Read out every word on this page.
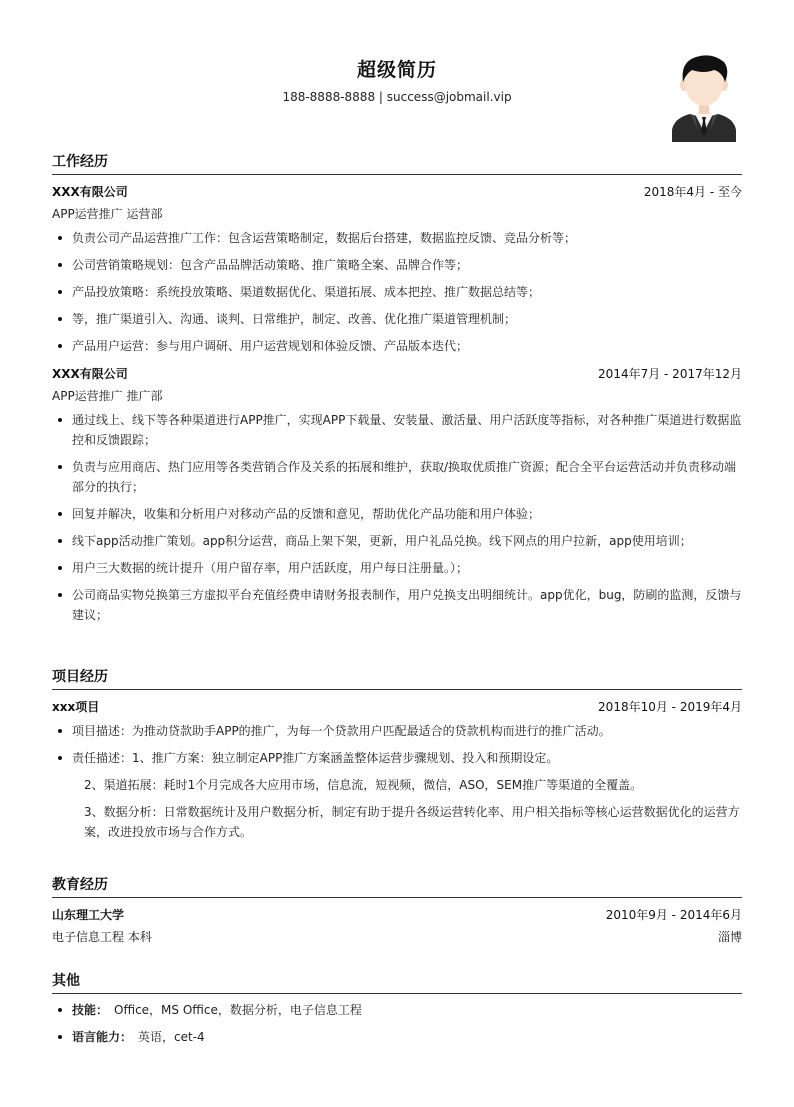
超级简历
188-8888-8888 | success@jobmail.vip
工作经历
XXX有限公司	2018年4月 - 至今
APP运营推广 运营部
负责公司产品运营推广工作：包含运营策略制定，数据后台搭建，数据监控反馈、竞品分析等；
公司营销策略规划：包含产品品牌活动策略、推广策略全案、品牌合作等；
产品投放策略：系统投放策略、渠道数据优化、渠道拓展、成本把控、推广数据总结等；
等，推广渠道引入、沟通、谈判、日常维护，制定、改善、优化推广渠道管理机制；
产品用户运营：参与用户调研、用户运营规划和体验反馈、产品版本迭代；
XXX有限公司	2014年7月 - 2017年12月
APP运营推广 推广部
通过线上、线下等各种渠道进行APP推广，实现APP下载量、安装量、激活量、用户活跃度等指标，对各种推广渠道进行数据监控和反馈跟踪；
负责与应用商店、热门应用等各类营销合作及关系的拓展和维护，获取/换取优质推广资源；配合全平台运营活动并负责移动端部分的执行；
回复并解决，收集和分析用户对移动产品的反馈和意见，帮助优化产品功能和用户体验；
线下app活动推广策划。app积分运营，商品上架下架，更新，用户礼品兑换。线下网点的用户拉新，app使用培训；
用户三大数据的统计提升（用户留存率，用户活跃度，用户每日注册量。）；
公司商品实物兑换第三方虚拟平台充值经费申请财务报表制作，用户兑换支出明细统计。app优化，bug，防刷的监测，反馈与建议；
项目经历
xxx项目	2018年10月 - 2019年4月
项目描述：为推动贷款助手APP的推广，为每一个贷款用户匹配最适合的贷款机构而进行的推广活动。
责任描述：1、推广方案：独立制定APP推广方案涵盖整体运营步骤规划、投入和预期设定。
2、渠道拓展：耗时1个月完成各大应用市场，信息流，短视频，微信，ASO，SEM推广等渠道的全覆盖。
3、数据分析：日常数据统计及用户数据分析，制定有助于提升各级运营转化率、用户相关指标等核心运营数据优化的运营方案，改进投放市场与合作方式。
教育经历
山东理工大学	2010年9月 - 2014年6月
电子信息工程 本科	淄博
其他
技能： Office，MS Office，数据分析，电子信息工程
语言能力： 英语，cet-4
